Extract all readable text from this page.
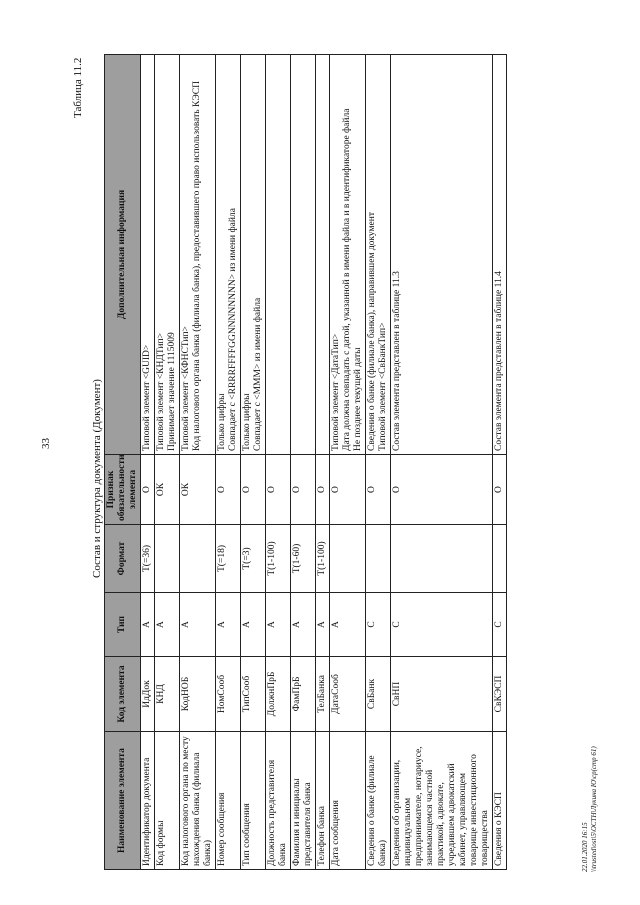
33
Таблица 11.2
Состав и структура документа (Документ)
Наименование элемента	Код элемента	Тип	Формат	Признак обязательности элемента	Дополнительная информация
Идентификатор документа	ИдДок	А	T(=36)	О	Типовой элемент <GUID>

Код формы	КНД	А		ОК	Типовой элемент <КНДТип> Принимает значение 1115009

Код налогового органа по месту нахождения банка (филиала банка)	КодНОБ	А		ОК	Типовой элемент <КФНСТип> Код налогового органа банка (филиала банка), предоставившего право использовать КЭСП

Номер сообщения	НомСооб	А	T(=18)	О	Только цифры Совпадает с <RRRRFFFFGGNNNNNNNN> из имени файла

Тип сообщения	ТипСооб	А	T(=3)	О	Только цифры Совпадает с <MMM> из имени файла

Должность представителя банка	ДолжнПрБ	А	T(1-100)	О	
Фамилия и инициалы представителя банка	ФамПрБ	А	T(1-60)	О	
Телефон банка	ТелБанка	А	T(1-100)	О	
Дата сообщения	ДатаСооб	А		О	Типовой элемент <ДатаТип> Дата должна совпадать с датой, указанной в имени файла и в идентификаторе файла Не позднее текущей даты

Сведения о банке (филиале банка)	СвБанк	С		О	Сведения о банке (филиале банка), направившем документ Типовой элемент <СвБанкТип>

Сведения об организации, индивидуальном предпринимателе, нотариусе, занимающемся частной практикой, адвокате, учредившем адвокатский кабинет, управляющем товарище инвестиционного товарищества	СвНП	С		О	Состав элемента представлен в таблице 11.3

Сведения о КЭСП	СвКЭСП	С		О	Состав элемента представлен в таблице 11.4
22.01.2020 16:15
\\trusted\ost\5\ОСТН\Лукина Ю\ср(стр 61)
